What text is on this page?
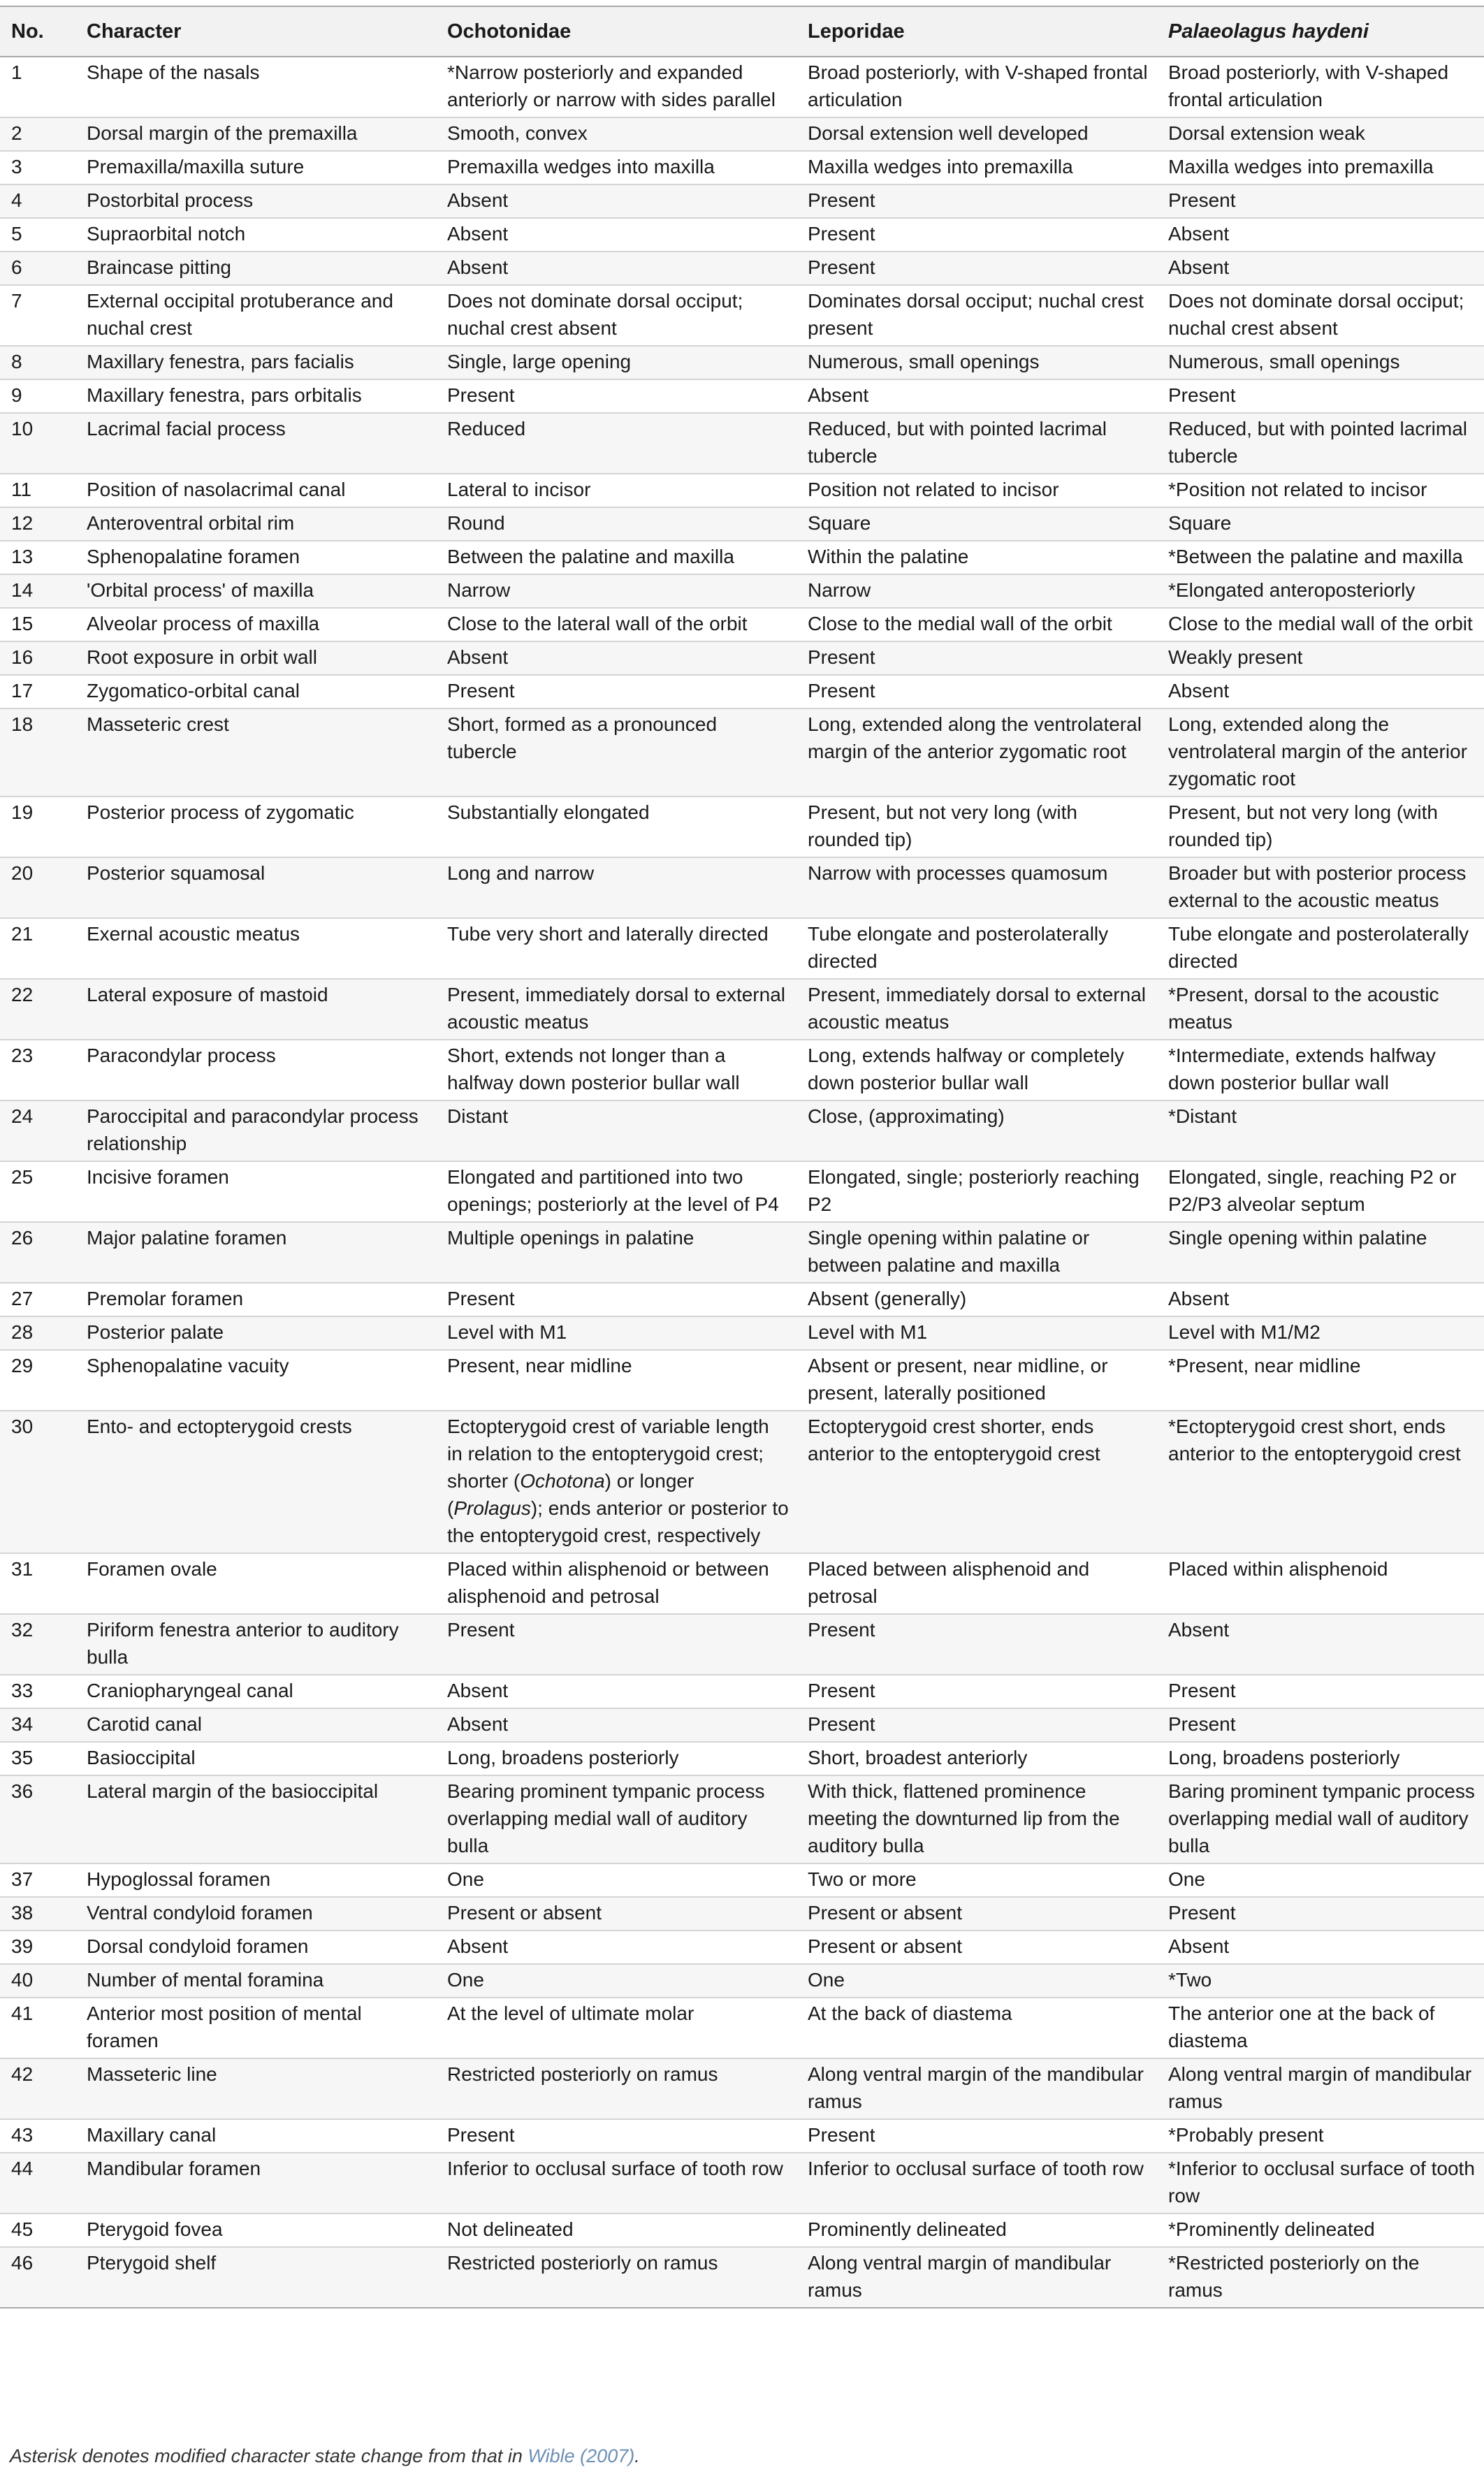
No.	Character	Ochotonidae	Leporidae	Palaeolagus haydeni
1	Shape of the nasals	*Narrow posteriorly and expanded anteriorly or narrow with sides parallel	Broad posteriorly, with V-shaped frontal articulation	Broad posteriorly, with V-shaped frontal articulation
2	Dorsal margin of the premaxilla	Smooth, convex	Dorsal extension well developed	Dorsal extension weak
3	Premaxilla/maxilla suture	Premaxilla wedges into maxilla	Maxilla wedges into premaxilla	Maxilla wedges into premaxilla
4	Postorbital process	Absent	Present	Present
5	Supraorbital notch	Absent	Present	Absent
6	Braincase pitting	Absent	Present	Absent
7	External occipital protuberance and nuchal crest	Does not dominate dorsal occiput; nuchal crest absent	Dominates dorsal occiput; nuchal crest present	Does not dominate dorsal occiput; nuchal crest absent
8	Maxillary fenestra, pars facialis	Single, large opening	Numerous, small openings	Numerous, small openings
9	Maxillary fenestra, pars orbitalis	Present	Absent	Present
10	Lacrimal facial process	Reduced	Reduced, but with pointed lacrimal tubercle	Reduced, but with pointed lacrimal tubercle
11	Position of nasolacrimal canal	Lateral to incisor	Position not related to incisor	*Position not related to incisor
12	Anteroventral orbital rim	Round	Square	Square
13	Sphenopalatine foramen	Between the palatine and maxilla	Within the palatine	*Between the palatine and maxilla
14	'Orbital process' of maxilla	Narrow	Narrow	*Elongated anteroposteriorly
15	Alveolar process of maxilla	Close to the lateral wall of the orbit	Close to the medial wall of the orbit	Close to the medial wall of the orbit
16	Root exposure in orbit wall	Absent	Present	Weakly present
17	Zygomatico-orbital canal	Present	Present	Absent
18	Masseteric crest	Short, formed as a pronounced tubercle	Long, extended along the ventrolateral margin of the anterior zygomatic root	Long, extended along the ventrolateral margin of the anterior zygomatic root
19	Posterior process of zygomatic	Substantially elongated	Present, but not very long (with rounded tip)	Present, but not very long (with rounded tip)
20	Posterior squamosal	Long and narrow	Narrow with processes quamosum	Broader but with posterior process external to the acoustic meatus
21	Exernal acoustic meatus	Tube very short and laterally directed	Tube elongate and posterolaterally directed	Tube elongate and posterolaterally directed
22	Lateral exposure of mastoid	Present, immediately dorsal to external acoustic meatus	Present, immediately dorsal to external acoustic meatus	*Present, dorsal to the acoustic meatus
23	Paracondylar process	Short, extends not longer than a halfway down posterior bullar wall	Long, extends halfway or completely down posterior bullar wall	*Intermediate, extends halfway down posterior bullar wall
24	Paroccipital and paracondylar process relationship	Distant	Close, (approximating)	*Distant
25	Incisive foramen	Elongated and partitioned into two openings; posteriorly at the level of P4	Elongated, single; posteriorly reaching P2	Elongated, single, reaching P2 or P2/P3 alveolar septum
26	Major palatine foramen	Multiple openings in palatine	Single opening within palatine or between palatine and maxilla	Single opening within palatine
27	Premolar foramen	Present	Absent (generally)	Absent
28	Posterior palate	Level with M1	Level with M1	Level with M1/M2
29	Sphenopalatine vacuity	Present, near midline	Absent or present, near midline, or present, laterally positioned	*Present, near midline
30	Ento- and ectopterygoid crests	Ectopterygoid crest of variable length in relation to the entopterygoid crest; shorter (Ochotona) or longer (Prolagus); ends anterior or posterior to the entopterygoid crest, respectively	Ectopterygoid crest shorter, ends anterior to the entopterygoid crest	*Ectopterygoid crest short, ends anterior to the entopterygoid crest
31	Foramen ovale	Placed within alisphenoid or between alisphenoid and petrosal	Placed between alisphenoid and petrosal	Placed within alisphenoid
32	Piriform fenestra anterior to auditory bulla	Present	Present	Absent
33	Craniopharyngeal canal	Absent	Present	Present
34	Carotid canal	Absent	Present	Present
35	Basioccipital	Long, broadens posteriorly	Short, broadest anteriorly	Long, broadens posteriorly
36	Lateral margin of the basioccipital	Bearing prominent tympanic process overlapping medial wall of auditory bulla	With thick, flattened prominence meeting the downturned lip from the auditory bulla	Baring prominent tympanic process overlapping medial wall of auditory bulla
37	Hypoglossal foramen	One	Two or more	One
38	Ventral condyloid foramen	Present or absent	Present or absent	Present
39	Dorsal condyloid foramen	Absent	Present or absent	Absent
40	Number of mental foramina	One	One	*Two
41	Anterior most position of mental foramen	At the level of ultimate molar	At the back of diastema	The anterior one at the back of diastema
42	Masseteric line	Restricted posteriorly on ramus	Along ventral margin of the mandibular ramus	Along ventral margin of mandibular ramus
43	Maxillary canal	Present	Present	*Probably present
44	Mandibular foramen	Inferior to occlusal surface of tooth row	Inferior to occlusal surface of tooth row	*Inferior to occlusal surface of tooth row
45	Pterygoid fovea	Not delineated	Prominently delineated	*Prominently delineated
46	Pterygoid shelf	Restricted posteriorly on ramus	Along ventral margin of mandibular ramus	*Restricted posteriorly on the ramus
Asterisk denotes modified character state change from that in Wible (2007).
